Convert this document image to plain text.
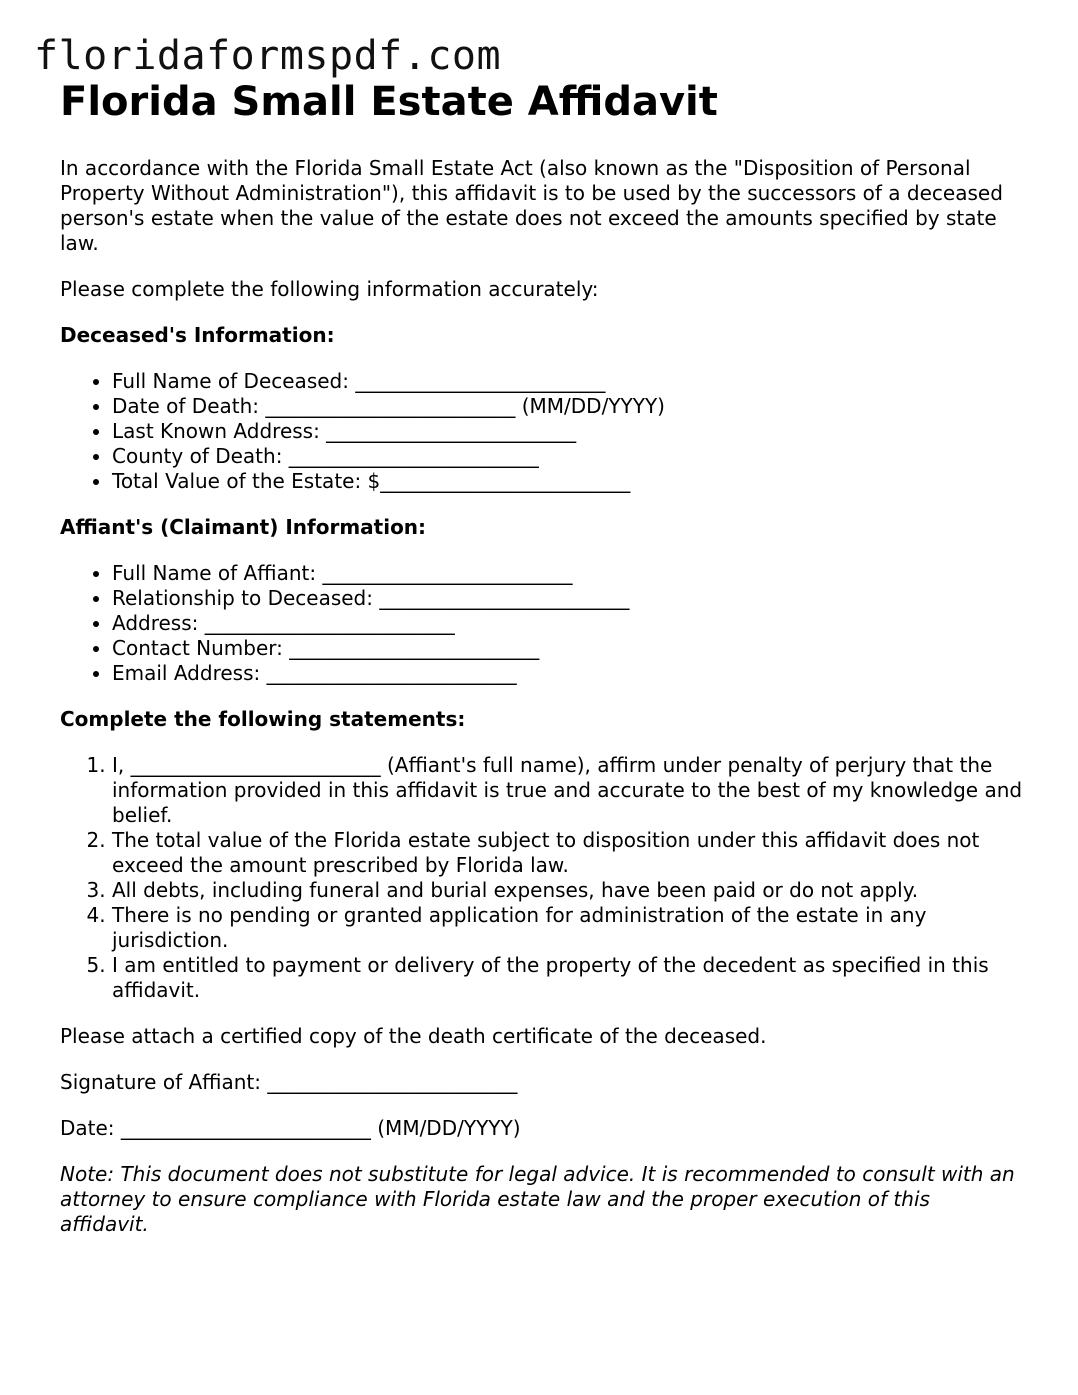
floridaformspdf.com
Florida Small Estate Affidavit

In accordance with the Florida Small Estate Act (also known as the "Disposition of Personal Property Without Administration"), this affidavit is to be used by the successors of a deceased person's estate when the value of the estate does not exceed the amounts specified by state law.

Please complete the following information accurately:

Deceased's Information:

• Full Name of Deceased: _________________________
• Date of Death: _________________________ (MM/DD/YYYY)
• Last Known Address: _________________________
• County of Death: _________________________
• Total Value of the Estate: $_________________________

Affiant's (Claimant) Information:

• Full Name of Affiant: _________________________
• Relationship to Deceased: _________________________
• Address: _________________________
• Contact Number: _________________________
• Email Address: _________________________

Complete the following statements:

1. I, _________________________ (Affiant's full name), affirm under penalty of perjury that the information provided in this affidavit is true and accurate to the best of my knowledge and belief.
2. The total value of the Florida estate subject to disposition under this affidavit does not exceed the amount prescribed by Florida law.
3. All debts, including funeral and burial expenses, have been paid or do not apply.
4. There is no pending or granted application for administration of the estate in any jurisdiction.
5. I am entitled to payment or delivery of the property of the decedent as specified in this affidavit.

Please attach a certified copy of the death certificate of the deceased.

Signature of Affiant: _________________________

Date: _________________________ (MM/DD/YYYY)

Note: This document does not substitute for legal advice. It is recommended to consult with an attorney to ensure compliance with Florida estate law and the proper execution of this affidavit.
